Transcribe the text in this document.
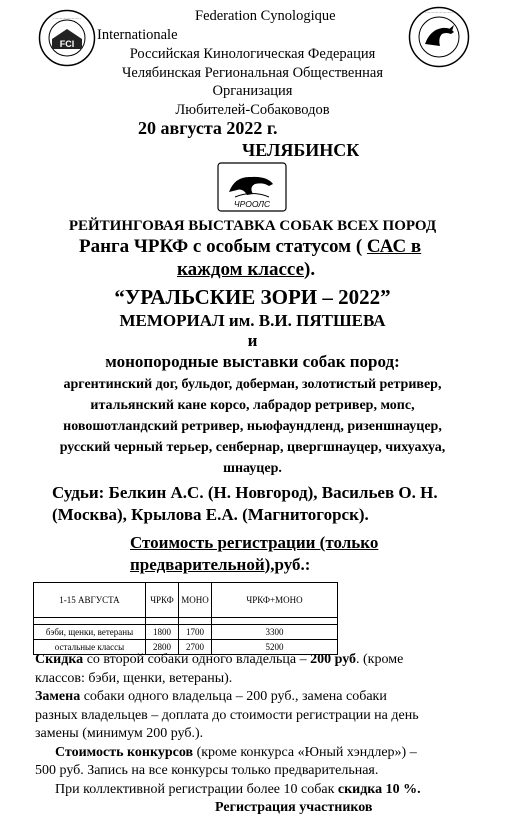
FCI
·····················
·····················
Federation Cynologique
Internationale
Российская Кинологическая Федерация
Челябинская Региональная Общественная
Организация
Любителей-Собаководов
20 августа 2022 г.
ЧЕЛЯБИНСК
ЧРООЛС
РЕЙТИНГОВАЯ ВЫСТАВКА СОБАК ВСЕХ ПОРОД
Ранга ЧРКФ с особым статусом ( САС в
каждом классе).
“УРАЛЬСКИЕ ЗОРИ – 2022”
МЕМОРИАЛ им. В.И. ПЯТШЕВА
и
монопородные выставки собак пород:
аргентинский дог, бульдог, доберман, золотистый ретривер,
итальянский кане корсо, лабрадор ретривер, мопс,
новошотландский ретривер, ньюфаундленд, ризеншнауцер,
русский черный терьер, сенбернар, цвергшнауцер, чихуахуа,
шнауцер.
Судьи: Белкин А.С. (Н. Новгород), Васильев О. Н.
(Москва), Крылова Е.А. (Магнитогорск).
Стоимость регистрации (только
предварительной),руб.:
1-15 АВГУСТА	ЧРКФ	МОНО	ЧРКФ+МОНО

бэби, щенки, ветераны	1800	1700	3300
остальные классы	2800	2700	5200
Скидка со второй собаки одного владельца – 200 руб. (кроме
классов: бэби, щенки, ветераны).
Замена собаки одного владельца – 200 руб., замена собаки
разных владельцев – доплата до стоимости регистрации на день
замены (минимум 200 руб.).
Стоимость конкурсов (кроме конкурса «Юный хэндлер») –
500 руб. Запись на все конкурсы только предварительная.
При коллективной регистрации более 10 собак скидка 10 %.
Регистрация участников
